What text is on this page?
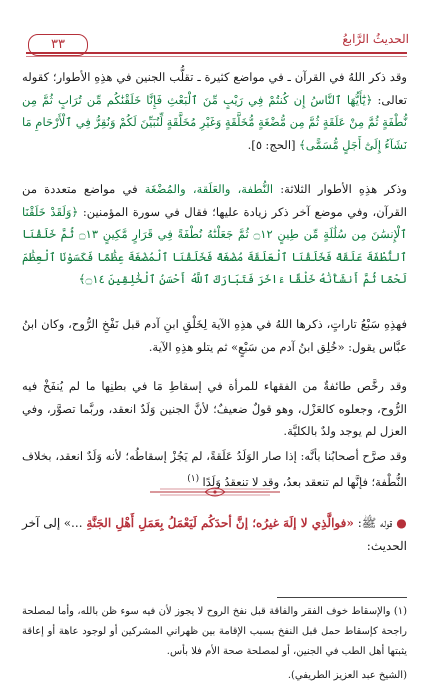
الحديثُ الرَّابعُ
٣٣
وقد ذكر اللهُ في القرآن ـ في مواضع كثيرة ـ تقلُّب الجنين في هذِهِ الأطوار؛ كقوله تعالى: ﴿يَٰٓأَيُّهَا ٱلنَّاسُ إِن كُنتُمْ فِي رَيْبٍ مِّنَ ٱلْبَعْثِ فَإِنَّا خَلَقْنَٰكُم مِّن تُرَابٍ ثُمَّ مِن نُّطْفَةٍ ثُمَّ مِنْ عَلَقَةٍ ثُمَّ مِن مُّضْغَةٍ مُّخَلَّقَةٍ وَغَيْرِ مُخَلَّقَةٍ لِّنُبَيِّنَ لَكُمْ وَنُقِرُّ فِي ٱلْأَرْحَامِ مَا نَشَآءُ إِلَىٰٓ أَجَلٍ مُّسَمًّى﴾ [الحج: ٥].
وذكر هذِهِ الأطوار الثلاثة: النُّطفة، والعَلَقة، والمُضْغَة في مواضع متعددة من القرآن، وفي موضع آخر ذكر زيادة عليها؛ فقال في سورة المؤمنين: ﴿وَلَقَدْ خَلَقْنَا ٱلْإِنسَٰنَ مِن سُلَٰلَةٍ مِّن طِينٍ ۝١٢ ثُمَّ جَعَلْنَٰهُ نُطْفَةً فِي قَرَارٍ مَّكِينٍ ۝١٣ ثُمَّ خَلَقْنَا ٱلنُّطْفَةَ عَلَقَةً فَخَلَقْنَا ٱلْعَلَقَةَ مُضْغَةً فَخَلَقْنَا ٱلْمُضْغَةَ عِظَٰمًا فَكَسَوْنَا ٱلْعِظَٰمَ لَحْمًا ثُمَّ أَنشَأْنَٰهُ خَلْقًا ءَاخَرَ فَتَبَارَكَ ٱللَّهُ أَحْسَنُ ٱلْخَٰلِقِينَ ۝١٤﴾
فهذِهِ سَبْعُ تاراتٍ، ذكرها اللهُ في هذِهِ الآية لِخَلْقِ ابنِ آدم قبل نَفْخِ الرُّوح، وكان ابنُ عبَّاس يقول: «خُلِق ابنُ آدم من سَبْعٍ» ثم يتلو هذِهِ الآية.
وقد رخَّص طائفةٌ من الفقهاء للمرأة في إسقاطِ مَا في بطنِها ما لم يُنفَخْ فيه الرُّوح، وجعلوه كالعَزْل، وهو قولٌ ضعيفٌ؛ لأنَّ الجنين وَلَدٌ انعقد، وربَّما تصوَّر، وفي العزل لم يوجد ولدٌ بالكليَّة.
وقد صرَّح أصحابُنا بأنَّه: إذا صار الوَلَدُ عَلَقةً، لم يَجُزْ إسقاطُه؛ لأنه وَلَدٌ انعقد، بخلاف النُّطْفة؛ فإنَّها لم تنعقد بعدُ، وقد لا تنعقدُ وَلَدًا $^{(١)}$
● قوله ﷺ: «فوالَّذِي لا إلَهَ غيرُه؛ إنَّ أحدَكُم لَيَعْمَلُ بِعَمَلِ أَهْلِ الجَنَّةِ ...» إلى آخر الحديث:
(١) والإسقاط خوف الفقر والفاقة قبل نفخ الروح لا يجوز لأن فيه سوء ظن بالله، وأما لمصلحة راجحة كإسقاط حمل قبل النفخ بسبب الإقامة بين ظهراني المشركين أو لوجود عاهة أو إعاقة يثبتها أهل الطب في الجنين، أو لمصلحة صحة الأم فلا بأس.
(الشيخ عبد العزيز الطريفي).
